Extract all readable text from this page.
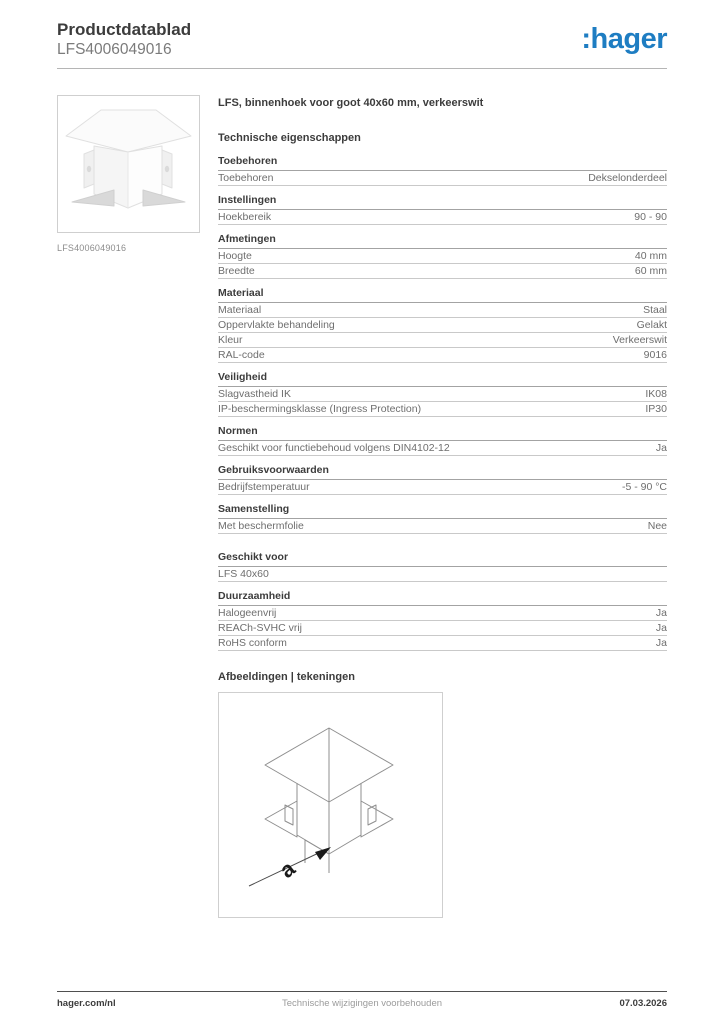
Productdatablad
LFS4006049016	:hager
LFS4006049016
LFS, binnenhoek voor goot 40x60 mm, verkeerswit
Technische eigenschappen
Toebehoren
Toebehoren	Dekselonderdeel
Instellingen
Hoekbereik	90 - 90
Afmetingen
Hoogte	40 mm
Breedte	60 mm
Materiaal
Materiaal	Staal
Oppervlakte behandeling	Gelakt
Kleur	Verkeerswit
RAL-code	9016
Veiligheid
Slagvastheid IK	IK08
IP-beschermingsklasse (Ingress Protection)	IP30
Normen
Geschikt voor functiebehoud volgens DIN4102-12	Ja
Gebruiksvoorwaarden
Bedrijfstemperatuur	-5 - 90 °C
Samenstelling
Met beschermfolie	Nee
Geschikt voor
LFS 40x60
Duurzaamheid
Halogeenvrij	Ja
REACh-SVHC vrij	Ja
RoHS conform	Ja
Afbeeldingen | tekeningen
a
hager.com/nl	Technische wijzigingen voorbehouden	07.03.2026
